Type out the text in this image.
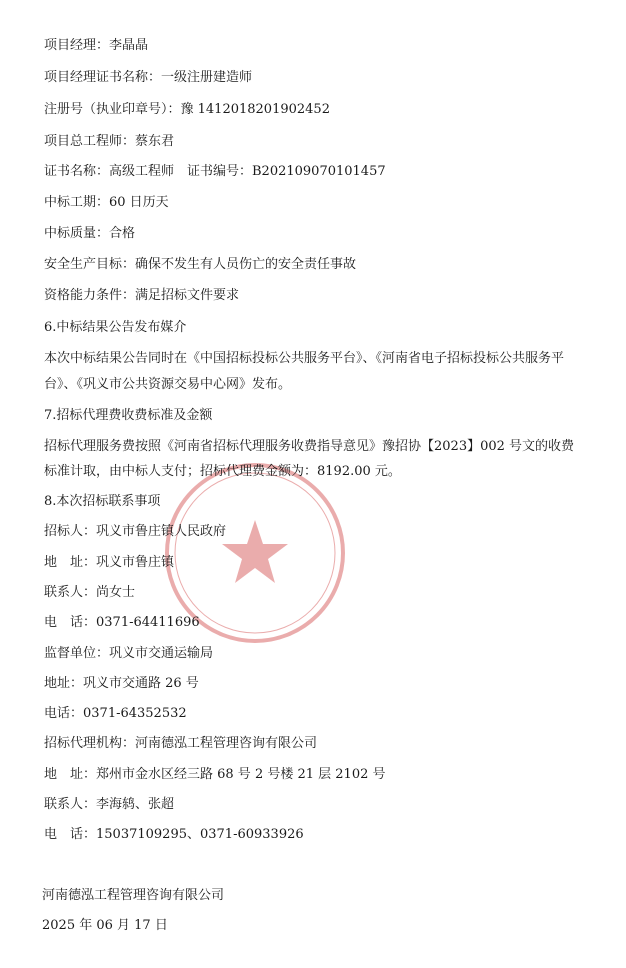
项目经理：李晶晶
项目经理证书名称：一级注册建造师
注册号（执业印章号）：豫 1412018201902452
项目总工程师：蔡东君
证书名称：高级工程师　证书编号：B202109070101457
中标工期：60 日历天
中标质量：合格
安全生产目标：确保不发生有人员伤亡的安全责任事故
资格能力条件：满足招标文件要求
6.中标结果公告发布媒介
本次中标结果公告同时在《中国招标投标公共服务平台》、《河南省电子招标投标公共服务平
台》、《巩义市公共资源交易中心网》发布。
7.招标代理费收费标准及金额
招标代理服务费按照《河南省招标代理服务收费指导意见》豫招协【2023】002 号文的收费
标准计取，由中标人支付；招标代理费金额为：8192.00 元。
8.本次招标联系事项
招标人：巩义市鲁庄镇人民政府
地　址：巩义市鲁庄镇
联系人：尚女士
电　话：0371-64411696
监督单位：巩义市交通运输局
地址：巩义市交通路 26 号
电话：0371-64352532
招标代理机构：河南德泓工程管理咨询有限公司
地　址：郑州市金水区经三路 68 号 2 号楼 21 层 2102 号
联系人：李海鸫、张超
电　话：15037109295、0371-60933926
河南德泓工程管理咨询有限公司
2025 年 06 月 17 日
